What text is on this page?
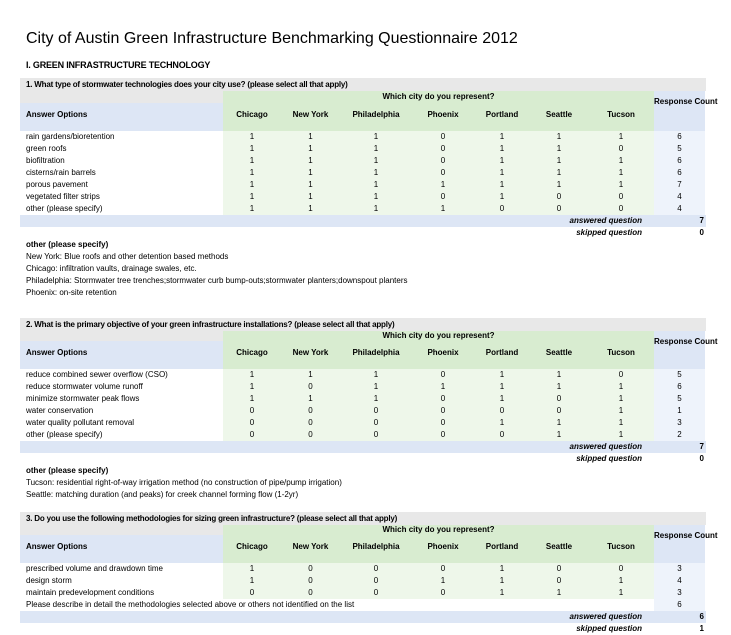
City of Austin Green Infrastructure Benchmarking Questionnaire 2012
I. GREEN INFRASTRUCTURE TECHNOLOGY
1. What type of stormwater technologies does your city use? (please select all that apply)
Which city do you represent?
Answer Options	Chicago	New York	Philadelphia	Phoenix	Portland	Seattle	Tucson
Response Count
rain gardens/bioretention	1	1	1	0	1	1	1	6
green roofs	1	1	1	0	1	1	0	5
biofiltration	1	1	1	0	1	1	1	6
cisterns/rain barrels	1	1	1	0	1	1	1	6
porous pavement	1	1	1	1	1	1	1	7
vegetated filter strips	1	1	1	0	1	0	0	4
other (please specify)	1	1	1	1	0	0	0	4
answered question	7
skipped question	0
other (please specify)
New York: Blue roofs and other detention based methods
Chicago: infiltration vaults, drainage swales, etc.
Philadelphia: Stormwater tree trenches;stormwater curb bump-outs;stormwater planters;downspout planters
Phoenix: on-site retention
2. What is the primary objective of your green infrastructure installations? (please select all that apply)
Which city do you represent?
Answer Options	Chicago	New York	Philadelphia	Phoenix	Portland	Seattle	Tucson
Response Count
reduce combined sewer overflow (CSO)	1	1	1	0	1	1	0	5
reduce stormwater volume runoff	1	0	1	1	1	1	1	6
minimize stormwater peak flows	1	1	1	0	1	0	1	5
water conservation	0	0	0	0	0	0	1	1
water quality pollutant removal	0	0	0	0	1	1	1	3
other (please specify)	0	0	0	0	0	1	1	2
answered question	7
skipped question	0
other (please specify)
Tucson: residential right-of-way irrigation method (no construction of pipe/pump irrigation)
Seattle: matching duration (and peaks) for creek channel forming flow (1-2yr)
3. Do you use the following methodologies for sizing green infrastructure? (please select all that apply)
Which city do you represent?
Answer Options	Chicago	New York	Philadelphia	Phoenix	Portland	Seattle	Tucson
Response Count
prescribed volume and drawdown time	1	0	0	0	1	0	0	3
design storm	1	0	0	1	1	0	1	4
maintain predevelopment conditions	0	0	0	0	1	1	1	3
Please describe in detail the methodologies selected above or others not identified on the list	6
answered question	6
skipped question	1
